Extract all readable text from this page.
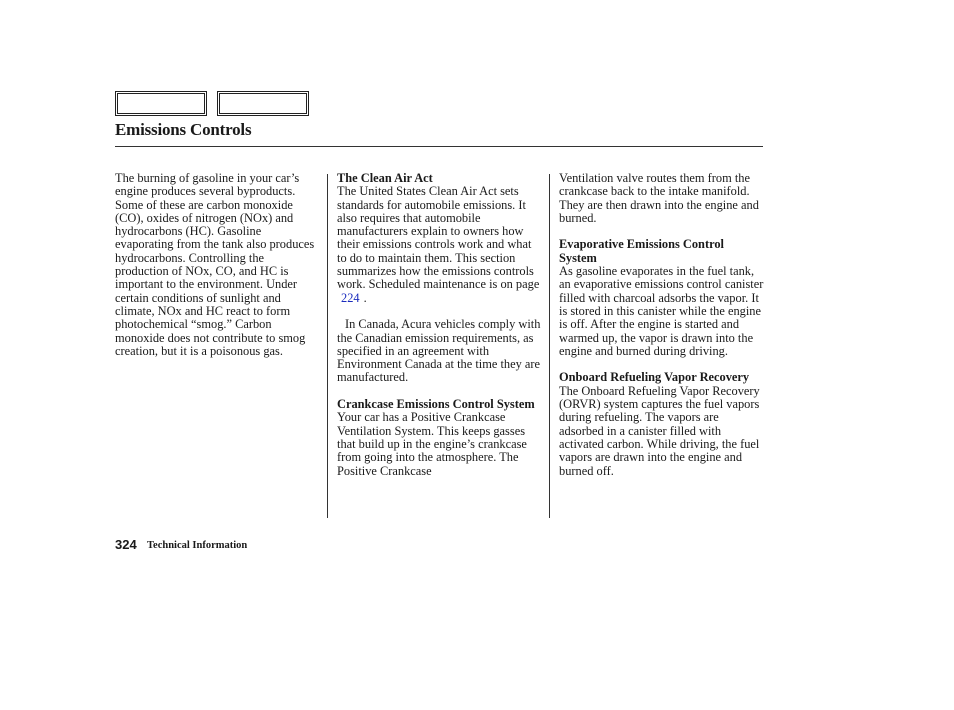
Emissions Controls

The burning of gasoline in your car’s engine produces several byproducts. Some of these are carbon monoxide (CO), oxides of nitrogen (NOx) and hydrocarbons (HC). Gasoline evaporating from the tank also produces hydrocarbons. Controlling the production of NOx, CO, and HC is important to the environment. Under certain conditions of sunlight and climate, NOx and HC react to form photochemical “smog.” Carbon monoxide does not contribute to smog creation, but it is a poisonous gas.

The Clean Air Act

The United States Clean Air Act sets standards for automobile emissions. It also requires that automobile manufacturers explain to owners how their emissions controls work and what to do to maintain them. This section summarizes how the emissions controls work. Scheduled maintenance is on page
224 .

In Canada, Acura vehicles comply with the Canadian emission requirements, as specified in an agreement with Environment Canada at the time they are manufactured.

Crankcase Emissions Control System

Your car has a Positive Crankcase Ventilation System. This keeps gasses that build up in the engine’s crankcase from going into the atmosphere. The Positive Crankcase

Ventilation valve routes them from the crankcase back to the intake manifold. They are then drawn into the engine and burned.

Evaporative Emissions Control System

As gasoline evaporates in the fuel tank, an evaporative emissions control canister filled with charcoal adsorbs the vapor. It is stored in this canister while the engine is off. After the engine is started and warmed up, the vapor is drawn into the engine and burned during driving.

Onboard Refueling Vapor Recovery

The Onboard Refueling Vapor Recovery (ORVR) system captures the fuel vapors during refueling. The vapors are adsorbed in a canister filled with activated carbon. While driving, the fuel vapors are drawn into the engine and burned off.

324 Technical Information
